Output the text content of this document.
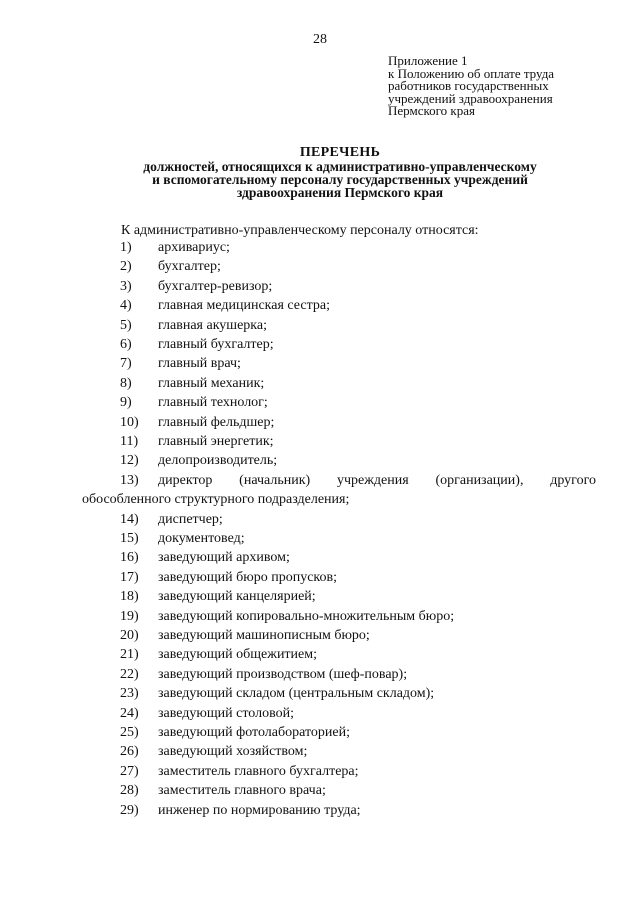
28
Приложение 1
к Положению об оплате труда
работников государственных
учреждений здравоохранения
Пермского края
ПЕРЕЧЕНЬ
должностей, относящихся к административно-управленческому
и вспомогательному персоналу государственных учреждений
здравоохранения Пермского края
К административно-управленческому персоналу относятся:
1)	архивариус;
2)	бухгалтер;
3)	бухгалтер-ревизор;
4)	главная медицинская сестра;
5)	главная акушерка;
6)	главный бухгалтер;
7)	главный врач;
8)	главный механик;
9)	главный технолог;
10)	главный фельдшер;
11)	главный энергетик;
12)	делопроизводитель;
13)	директор (начальник) учреждения (организации), другого
обособленного структурного подразделения;
14)	диспетчер;
15)	документовед;
16)	заведующий архивом;
17)	заведующий бюро пропусков;
18)	заведующий канцелярией;
19)	заведующий копировально-множительным бюро;
20)	заведующий машинописным бюро;
21)	заведующий общежитием;
22)	заведующий производством (шеф-повар);
23)	заведующий складом (центральным складом);
24)	заведующий столовой;
25)	заведующий фотолабораторией;
26)	заведующий хозяйством;
27)	заместитель главного бухгалтера;
28)	заместитель главного врача;
29)	инженер по нормированию труда;
